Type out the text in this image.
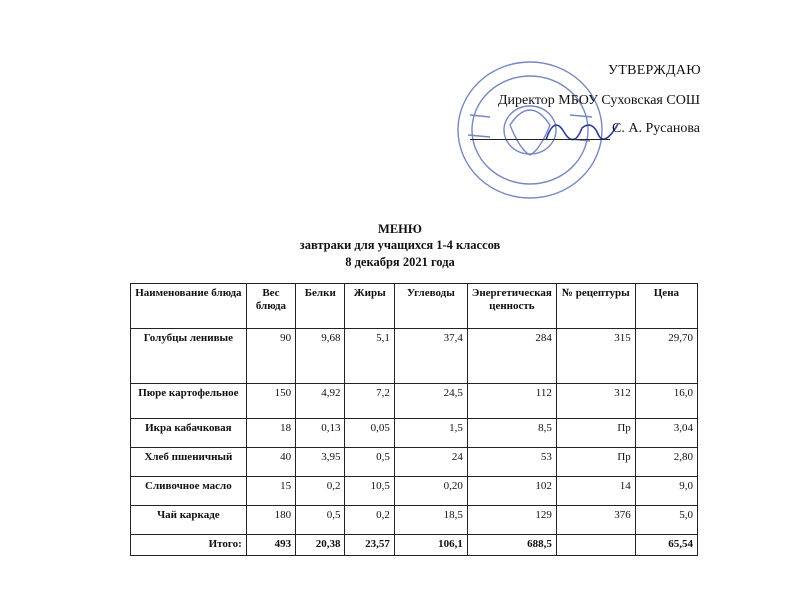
УТВЕРЖДАЮ
Директор МБОУ Суховская СОШ
С. А. Русанова
МЕНЮ
завтраки для учащихся 1-4 классов
8 декабря 2021 года
Наименование блюда	Вес блюда	Белки	Жиры	Углеводы	Энергетическая ценность	№ рецептуры	Цена
Голубцы ленивые	90	9,68	5,1	37,4	284	315	29,70
Пюре картофельное	150	4,92	7,2	24,5	112	312	16,0
Икра кабачковая	18	0,13	0,05	1,5	8,5	Пр	3,04
Хлеб пшеничный	40	3,95	0,5	24	53	Пр	2,80
Сливочное масло	15	0,2	10,5	0,20	102	14	9,0
Чай каркаде	180	0,5	0,2	18,5	129	376	5,0
Итого:	493	20,38	23,57	106,1	688,5		65,54
